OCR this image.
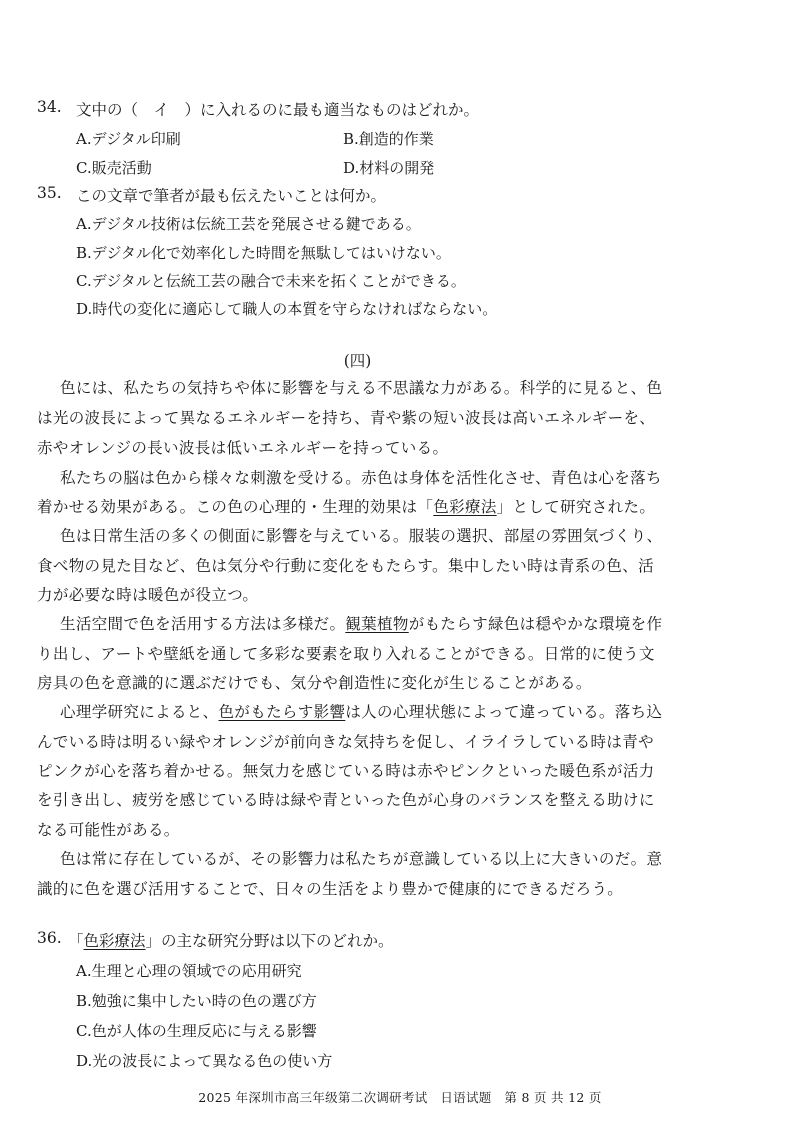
34. 文中の（　イ　）に入れるのに最も適当なものはどれか。
A.デジタル印刷	B.創造的作業
C.販売活動	D.材料の開発
35. この文章で筆者が最も伝えたいことは何か。
A.デジタル技術は伝統工芸を発展させる鍵である。
B.デジタル化で効率化した時間を無駄してはいけない。
C.デジタルと伝統工芸の融合で未来を拓くことができる。
D.時代の変化に適応して職人の本質を守らなければならない。
(四)
色には、私たちの気持ちや体に影響を与える不思議な力がある。科学的に見ると、色
は光の波長によって異なるエネルギーを持ち、青や紫の短い波長は高いエネルギーを、
赤やオレンジの長い波長は低いエネルギーを持っている。
私たちの脳は色から様々な刺激を受ける。赤色は身体を活性化させ、青色は心を落ち
着かせる効果がある。この色の心理的・生理的効果は「色彩療法」として研究された。
色は日常生活の多くの側面に影響を与えている。服装の選択、部屋の雰囲気づくり、
食べ物の見た目など、色は気分や行動に変化をもたらす。集中したい時は青系の色、活
力が必要な時は暖色が役立つ。
生活空間で色を活用する方法は多様だ。観葉植物がもたらす緑色は穏やかな環境を作
り出し、アートや壁紙を通して多彩な要素を取り入れることができる。日常的に使う文
房具の色を意識的に選ぶだけでも、気分や創造性に変化が生じることがある。
心理学研究によると、色がもたらす影響は人の心理状態によって違っている。落ち込
んでいる時は明るい緑やオレンジが前向きな気持ちを促し、イライラしている時は青や
ピンクが心を落ち着かせる。無気力を感じている時は赤やピンクといった暖色系が活力
を引き出し、疲労を感じている時は緑や青といった色が心身のバランスを整える助けに
なる可能性がある。
色は常に存在しているが、その影響力は私たちが意識している以上に大きいのだ。意
識的に色を選び活用することで、日々の生活をより豊かで健康的にできるだろう。
36. 「色彩療法」の主な研究分野は以下のどれか。
A.生理と心理の領域での応用研究
B.勉強に集中したい時の色の選び方
C.色が人体の生理反応に与える影響
D.光の波長によって異なる色の使い方
2025 年深圳市高三年级第二次调研考试　日语试题　第 8 页 共 12 页
